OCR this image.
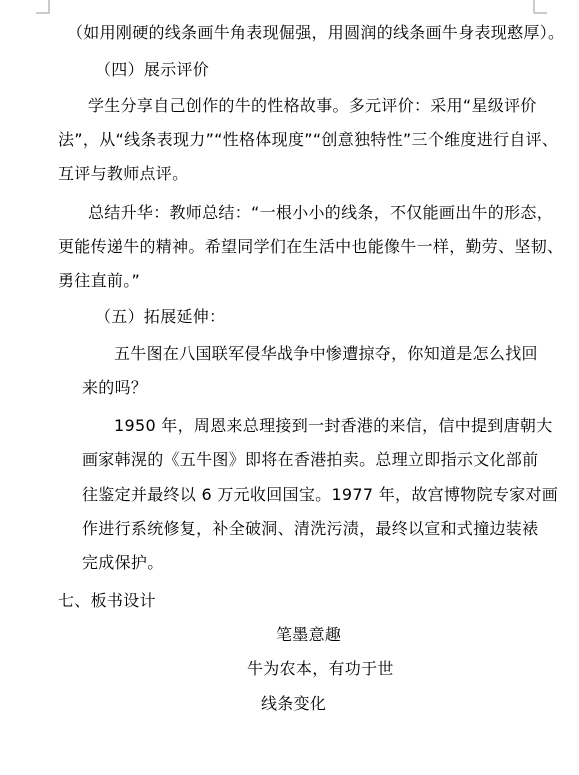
（如用刚硬的线条画牛角表现倔强，用圆润的线条画牛身表现憨厚）。
（四）展示评价
学生分享自己创作的牛的性格故事。多元评价：采用“星级评价
法”，从“线条表现力”“性格体现度”“创意独特性”三个维度进行自评、
互评与教师点评。
总结升华：教师总结：“一根小小的线条，不仅能画出牛的形态，
更能传递牛的精神。希望同学们在生活中也能像牛一样，勤劳、坚韧、
勇往直前。”
（五）拓展延伸：
五牛图在八国联军侵华战争中惨遭掠夺，你知道是怎么找回
来的吗？
1950 年，周恩来总理接到一封香港的来信，信中提到唐朝大
画家韩滉的《五牛图》即将在香港拍卖。总理立即指示文化部前
往鉴定并最终以 6 万元收回国宝。1977 年，故宫博物院专家对画
作进行系统修复，补全破洞、清洗污渍，最终以宣和式撞边装裱
完成保护。
七、板书设计
笔墨意趣
牛为农本，有功于世
线条变化
